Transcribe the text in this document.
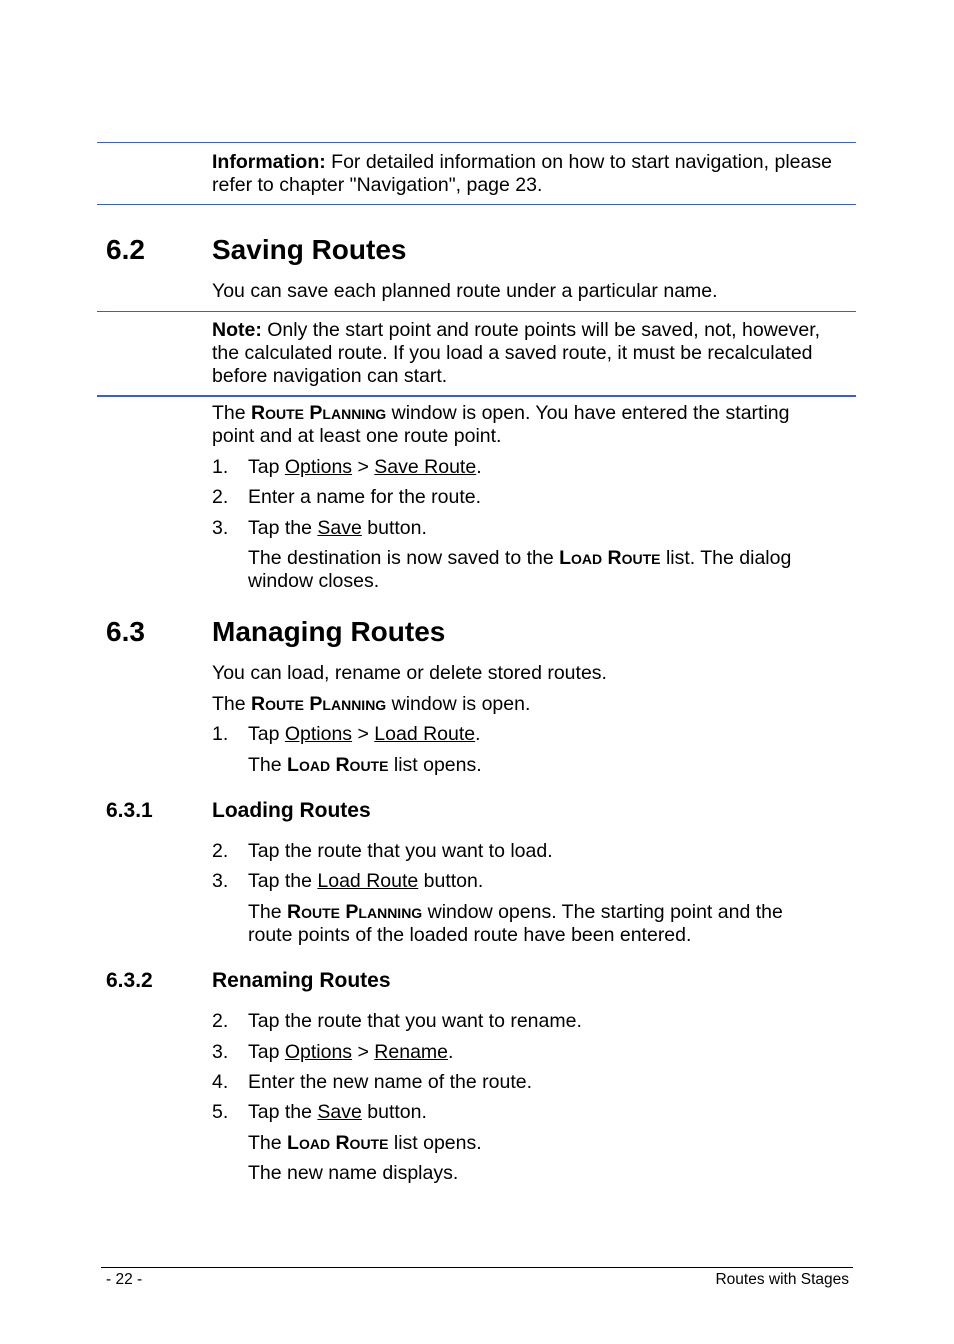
Information: For detailed information on how to start navigation, please
refer to chapter "Navigation", page 23.
6.2 Saving Routes
You can save each planned route under a particular name.
Note: Only the start point and route points will be saved, not, however,
the calculated route. If you load a saved route, it must be recalculated
before navigation can start.
The Route Planning window is open. You have entered the starting
point and at least one route point.
1. Tap Options > Save Route.
2. Enter a name for the route.
3. Tap the Save button.
The destination is now saved to the Load Route list. The dialog
window closes.
6.3 Managing Routes
You can load, rename or delete stored routes.
The Route Planning window is open.
1. Tap Options > Load Route.
The Load Route list opens.
6.3.1	Loading Routes
2. Tap the route that you want to load.
3. Tap the Load Route button.
The Route Planning window opens. The starting point and the
route points of the loaded route have been entered.
6.3.2	Renaming Routes
2. Tap the route that you want to rename.
3. Tap Options > Rename.
4. Enter the new name of the route.
5. Tap the Save button.
The Load Route list opens.
The new name displays.
- 22 -	Routes with Stages
